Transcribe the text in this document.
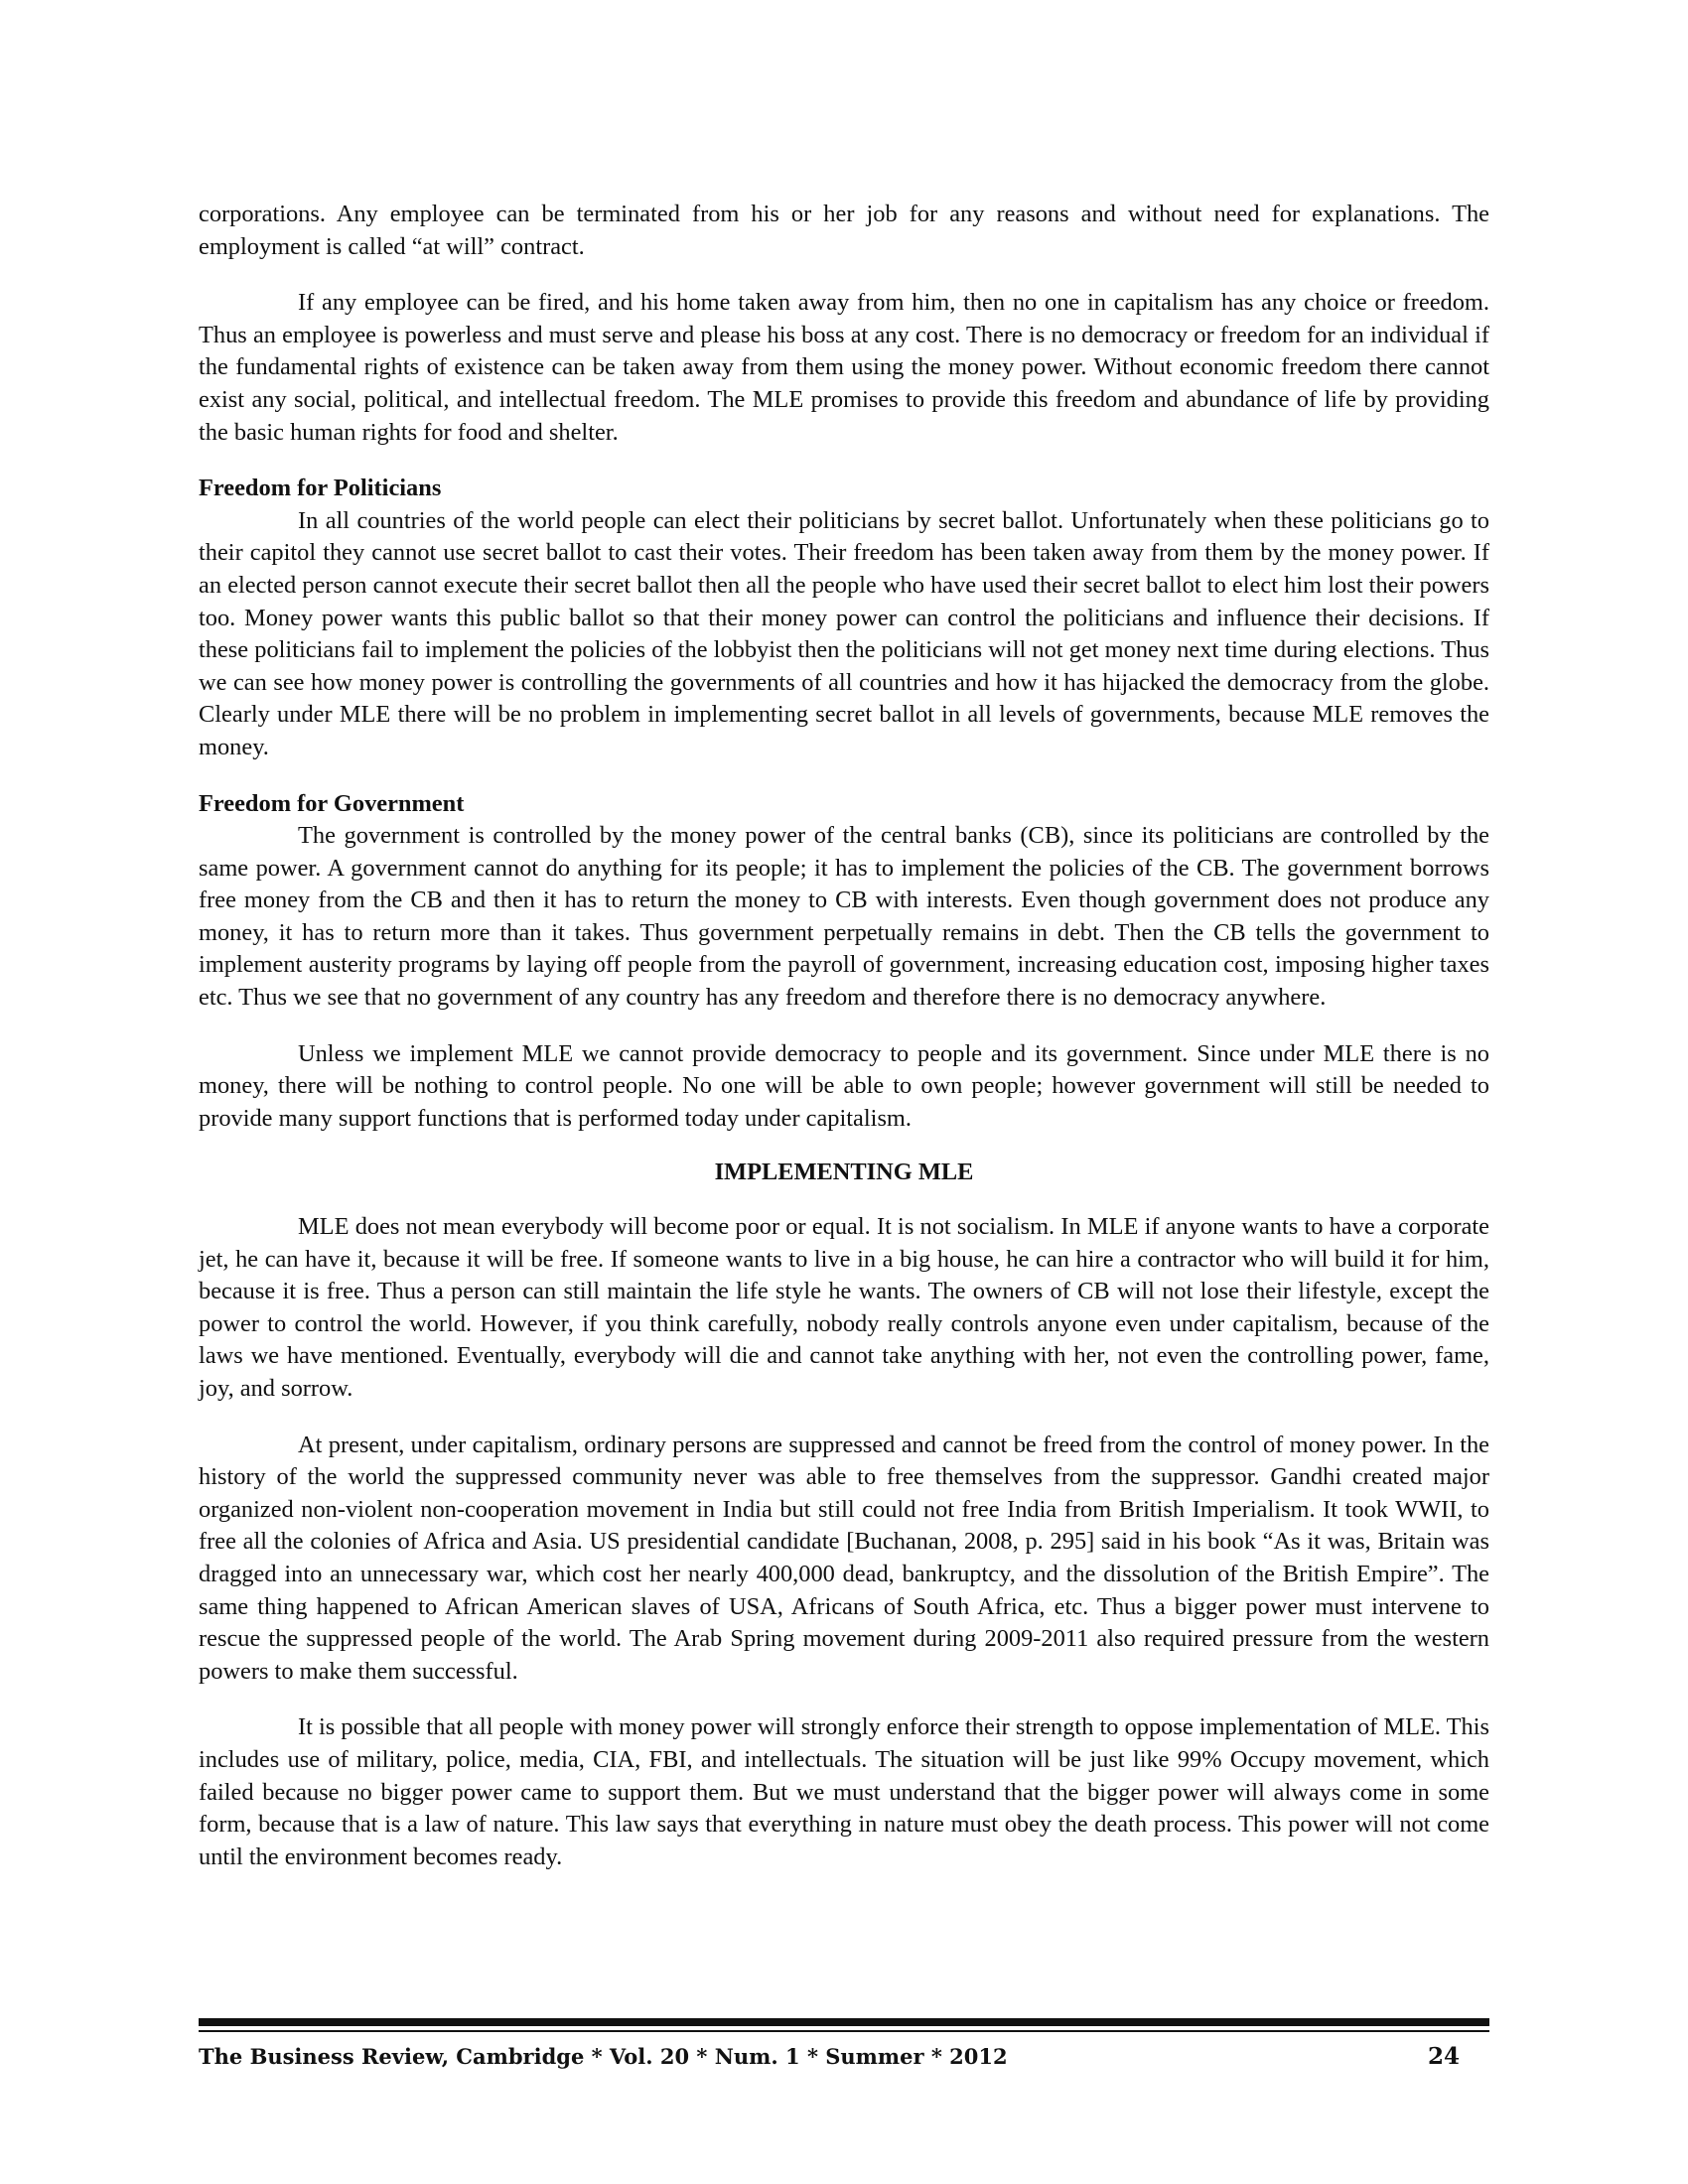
corporations. Any employee can be terminated from his or her job for any reasons and without need for explanations. The employment is called “at will” contract.

If any employee can be fired, and his home taken away from him, then no one in capitalism has any choice or freedom. Thus an employee is powerless and must serve and please his boss at any cost. There is no democracy or freedom for an individual if the fundamental rights of existence can be taken away from them using the money power. Without economic freedom there cannot exist any social, political, and intellectual freedom. The MLE promises to provide this freedom and abundance of life by providing the basic human rights for food and shelter.

Freedom for Politicians

In all countries of the world people can elect their politicians by secret ballot. Unfortunately when these politicians go to their capitol they cannot use secret ballot to cast their votes. Their freedom has been taken away from them by the money power. If an elected person cannot execute their secret ballot then all the people who have used their secret ballot to elect him lost their powers too. Money power wants this public ballot so that their money power can control the politicians and influence their decisions. If these politicians fail to implement the policies of the lobbyist then the politicians will not get money next time during elections. Thus we can see how money power is controlling the governments of all countries and how it has hijacked the democracy from the globe. Clearly under MLE there will be no problem in implementing secret ballot in all levels of governments, because MLE removes the money.

Freedom for Government

The government is controlled by the money power of the central banks (CB), since its politicians are controlled by the same power. A government cannot do anything for its people; it has to implement the policies of the CB. The government borrows free money from the CB and then it has to return the money to CB with interests. Even though government does not produce any money, it has to return more than it takes. Thus government perpetually remains in debt. Then the CB tells the government to implement austerity programs by laying off people from the payroll of government, increasing education cost, imposing higher taxes etc. Thus we see that no government of any country has any freedom and therefore there is no democracy anywhere.

Unless we implement MLE we cannot provide democracy to people and its government. Since under MLE there is no money, there will be nothing to control people. No one will be able to own people; however government will still be needed to provide many support functions that is performed today under capitalism.

IMPLEMENTING MLE

MLE does not mean everybody will become poor or equal. It is not socialism. In MLE if anyone wants to have a corporate jet, he can have it, because it will be free. If someone wants to live in a big house, he can hire a contractor who will build it for him, because it is free. Thus a person can still maintain the life style he wants. The owners of CB will not lose their lifestyle, except the power to control the world. However, if you think carefully, nobody really controls anyone even under capitalism, because of the laws we have mentioned. Eventually, everybody will die and cannot take anything with her, not even the controlling power, fame, joy, and sorrow.

At present, under capitalism, ordinary persons are suppressed and cannot be freed from the control of money power. In the history of the world the suppressed community never was able to free themselves from the suppressor. Gandhi created major organized non-violent non-cooperation movement in India but still could not free India from British Imperialism. It took WWII, to free all the colonies of Africa and Asia. US presidential candidate [Buchanan, 2008, p. 295] said in his book “As it was, Britain was dragged into an unnecessary war, which cost her nearly 400,000 dead, bankruptcy, and the dissolution of the British Empire”. The same thing happened to African American slaves of USA, Africans of South Africa, etc. Thus a bigger power must intervene to rescue the suppressed people of the world. The Arab Spring movement during 2009-2011 also required pressure from the western powers to make them successful.

It is possible that all people with money power will strongly enforce their strength to oppose implementation of MLE. This includes use of military, police, media, CIA, FBI, and intellectuals. The situation will be just like 99% Occupy movement, which failed because no bigger power came to support them. But we must understand that the bigger power will always come in some form, because that is a law of nature. This law says that everything in nature must obey the death process. This power will not come until the environment becomes ready.

The Business Review, Cambridge * Vol. 20 * Num. 1 * Summer * 2012	24
